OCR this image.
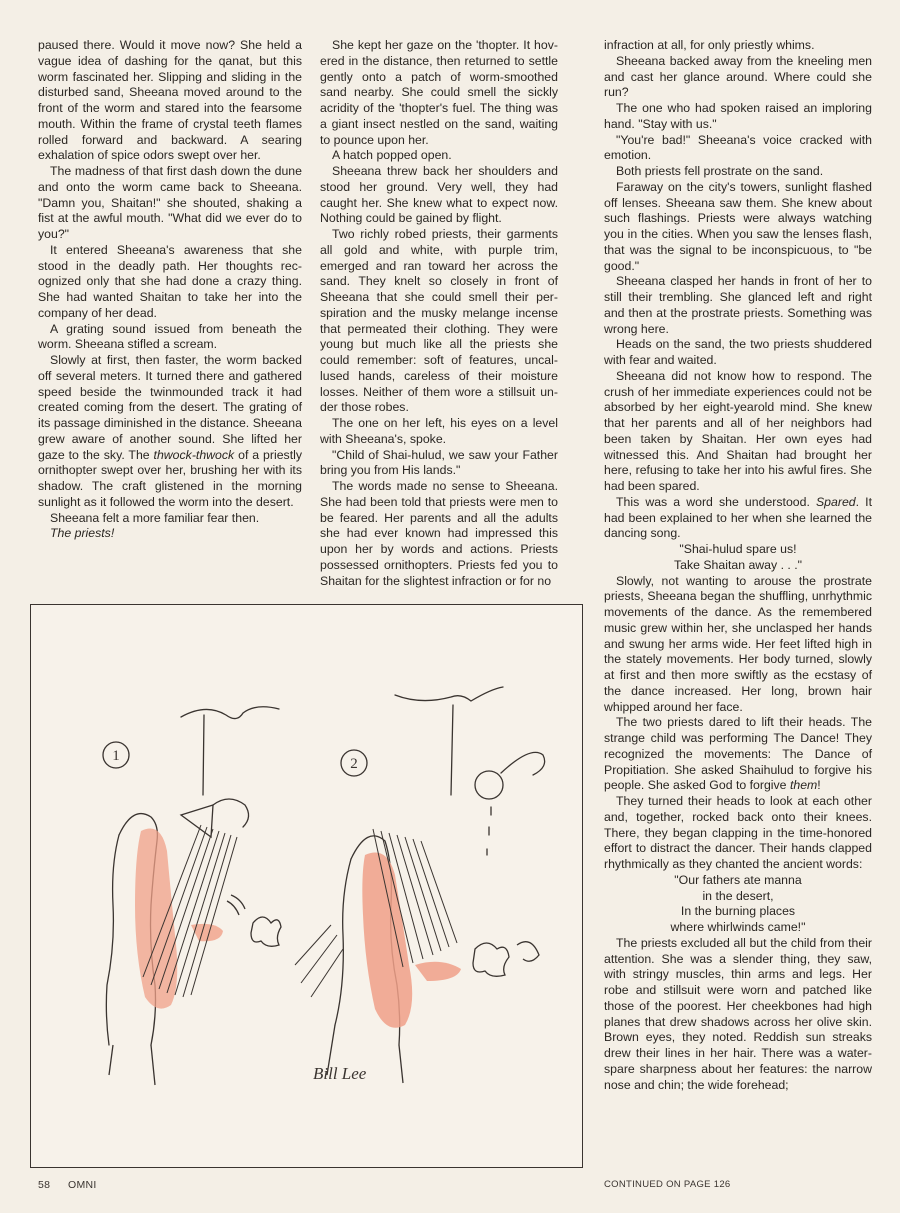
paused there. Would it move now? She held a vague idea of dashing for the qanat, but this worm fascinated her. Slipping and sliding in the disturbed sand, Sheeana moved around to the front of the worm and stared into the fearsome mouth. Within the frame of crystal teeth flames rolled forward and backward. A searing exhalation of spice odors swept over her.

The madness of that first dash down the dune and onto the worm came back to Sheeana. "Damn you, Shaitan!" she shouted, shaking a fist at the awful mouth. "What did we ever do to you?"

It entered Sheeana's awareness that she stood in the deadly path. Her thoughts recognized only that she had done a crazy thing. She had wanted Shaitan to take her into the company of her dead.

A grating sound issued from beneath the worm. Sheeana stifled a scream.

Slowly at first, then faster, the worm backed off several meters. It turned there and gathered speed beside the twinmounded track it had created coming from the desert. The grating of its passage diminished in the distance. Sheeana grew aware of another sound. She lifted her gaze to the sky. The thwock-thwock of a priestly ornithopter swept over her, brushing her with its shadow. The craft glistened in the morning sunlight as it followed the worm into the desert.

Sheeana felt a more familiar fear then.

The priests!

She kept her gaze on the 'thopter. It hovered in the distance, then returned to settle gently onto a patch of worm-smoothed sand nearby. She could smell the sickly acridity of the 'thopter's fuel. The thing was a giant insect nestled on the sand, waiting to pounce upon her.

A hatch popped open.

Sheeana threw back her shoulders and stood her ground. Very well, they had caught her. She knew what to expect now. Nothing could be gained by flight.

Two richly robed priests, their garments all gold and white, with purple trim, emerged and ran toward her across the sand. They knelt so closely in front of Sheeana that she could smell their perspiration and the musky melange incense that permeated their clothing. They were young but much like all the priests she could remember: soft of features, uncallused hands, careless of their moisture losses. Neither of them wore a stillsuit under those robes.

The one on her left, his eyes on a level with Sheeana's, spoke.

"Child of Shai-hulud, we saw your Father bring you from His lands."

The words made no sense to Sheeana. She had been told that priests were men to be feared. Her parents and all the adults she had ever known had impressed this upon her by words and actions. Priests possessed ornithopters. Priests fed you to Shaitan for the slightest infraction or for no

infraction at all, for only priestly whims.

Sheeana backed away from the kneeling men and cast her glance around. Where could she run?

The one who had spoken raised an imploring hand. "Stay with us."

"You're bad!" Sheeana's voice cracked with emotion.

Both priests fell prostrate on the sand.

Faraway on the city's towers, sunlight flashed off lenses. Sheeana saw them. She knew about such flashings. Priests were always watching you in the cities. When you saw the lenses flash, that was the signal to be inconspicuous, to "be good."

Sheeana clasped her hands in front of her to still their trembling. She glanced left and right and then at the prostrate priests. Something was wrong here.

Heads on the sand, the two priests shuddered with fear and waited.

Sheeana did not know how to respond. The crush of her immediate experiences could not be absorbed by her eight-yearold mind. She knew that her parents and all of her neighbors had been taken by Shaitan. Her own eyes had witnessed this. And Shaitan had brought her here, refusing to take her into his awful fires. She had been spared.

This was a word she understood. Spared. It had been explained to her when she learned the dancing song.

"Shai-hulud spare us!

Take Shaitan away . . ."

Slowly, not wanting to arouse the prostrate priests, Sheeana began the shuffling, unrhythmic movements of the dance. As the remembered music grew within her, she unclasped her hands and swung her arms wide. Her feet lifted high in the stately movements. Her body turned, slowly at first and then more swiftly as the ecstasy of the dance increased. Her long, brown hair whipped around her face.

The two priests dared to lift their heads. The strange child was performing The Dance! They recognized the movements: The Dance of Propitiation. She asked Shaihulud to forgive his people. She asked God to forgive them!

They turned their heads to look at each other and, together, rocked back onto their knees. There, they began clapping in the time-honored effort to distract the dancer. Their hands clapped rhythmically as they chanted the ancient words:

"Our fathers ate manna

in the desert,

In the burning places

where whirlwinds came!"

The priests excluded all but the child from their attention. She was a slender thing, they saw, with stringy muscles, thin arms and legs. Her robe and stillsuit were worn and patched like those of the poorest. Her cheekbones had high planes that drew shadows across her olive skin. Brown eyes, they noted. Reddish sun streaks drew their lines in her hair. There was a waterspare sharpness about her features: the narrow nose and chin; the wide forehead;

1	2
Bill Lee
58 OMNI	CONTINUED ON PAGE 126
